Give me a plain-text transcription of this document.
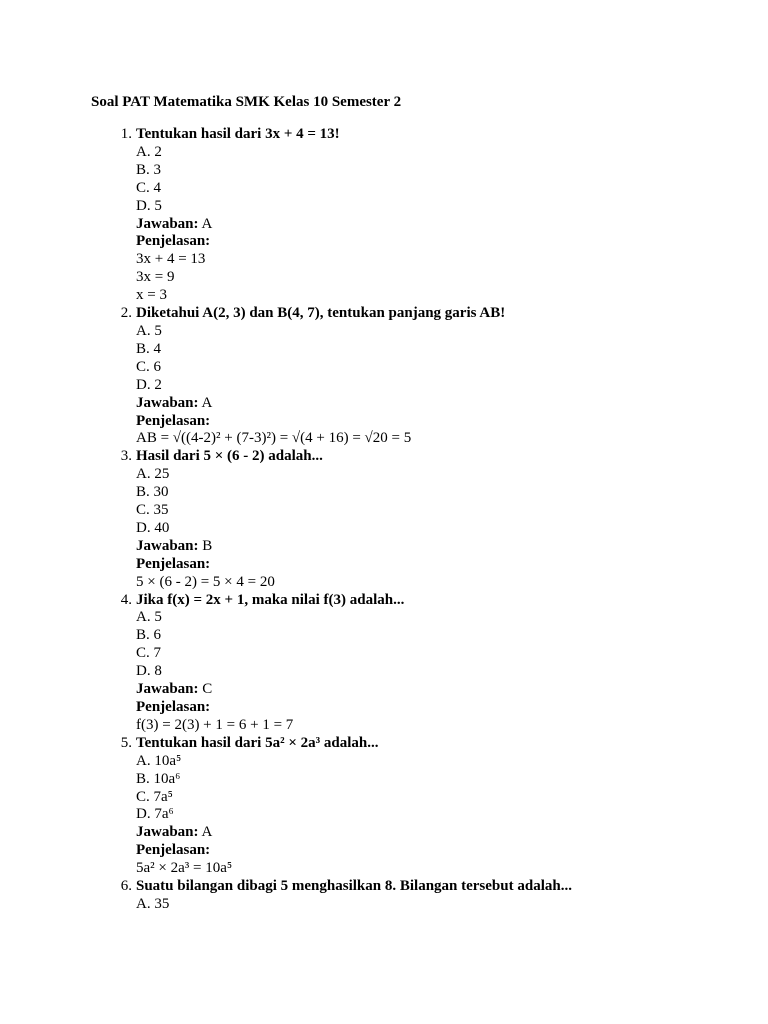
Soal PAT Matematika SMK Kelas 10 Semester 2
1. Tentukan hasil dari 3x + 4 = 13!
A. 2
B. 3
C. 4
D. 5
Jawaban: A
Penjelasan:
3x + 4 = 13
3x = 9
x = 3
2. Diketahui A(2, 3) dan B(4, 7), tentukan panjang garis AB!
A. 5
B. 4
C. 6
D. 2
Jawaban: A
Penjelasan:
AB = √((4-2)² + (7-3)²) = √(4 + 16) = √20 = 5
3. Hasil dari 5 × (6 - 2) adalah...
A. 25
B. 30
C. 35
D. 40
Jawaban: B
Penjelasan:
5 × (6 - 2) = 5 × 4 = 20
4. Jika f(x) = 2x + 1, maka nilai f(3) adalah...
A. 5
B. 6
C. 7
D. 8
Jawaban: C
Penjelasan:
f(3) = 2(3) + 1 = 6 + 1 = 7
5. Tentukan hasil dari 5a² × 2a³ adalah...
A. 10a⁵
B. 10a⁶
C. 7a⁵
D. 7a⁶
Jawaban: A
Penjelasan:
5a² × 2a³ = 10a⁵
6. Suatu bilangan dibagi 5 menghasilkan 8. Bilangan tersebut adalah...
A. 35
